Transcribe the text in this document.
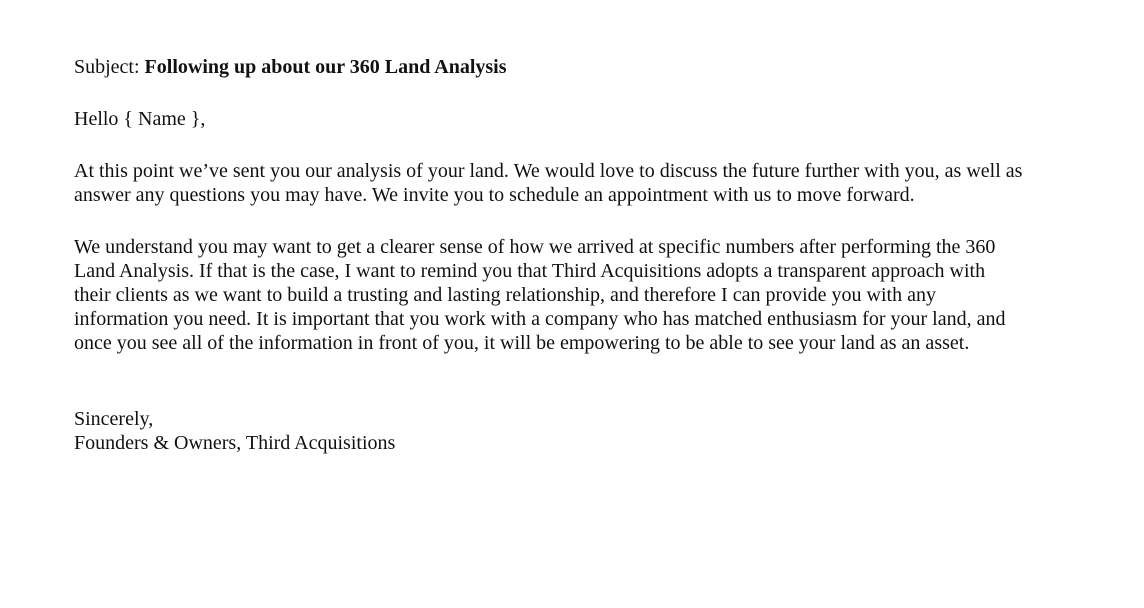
Subject: Following up about our 360 Land Analysis

Hello { Name },

At this point we’ve sent you our analysis of your land. We would love to discuss the future further with you, as well as answer any questions you may have. We invite you to schedule an appointment with us to move forward.

We understand you may want to get a clearer sense of how we arrived at specific numbers after performing the 360 Land Analysis. If that is the case, I want to remind you that Third Acquisitions adopts a transparent approach with their clients as we want to build a trusting and lasting relationship, and therefore I can provide you with any information you need. It is important that you work with a company who has matched enthusiasm for your land, and once you see all of the information in front of you, it will be empowering to be able to see your land as an asset.

Sincerely,

Founders & Owners, Third Acquisitions
